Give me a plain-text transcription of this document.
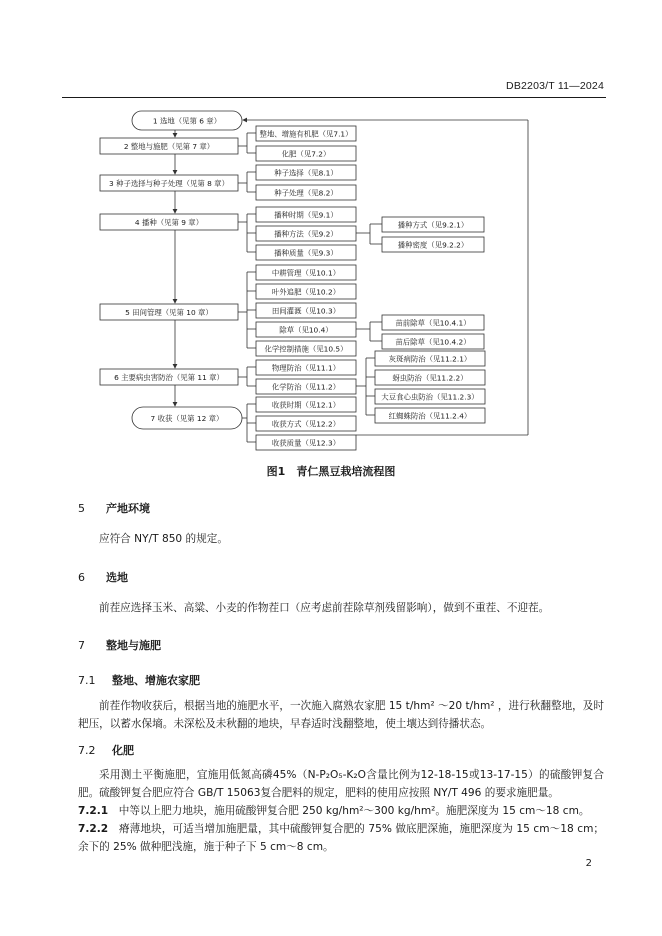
DB2203/T 11—2024
1 选地（见第 6 章）
2 整地与施肥（见第 7 章）
3 种子选择与种子处理（见第 8 章）
4 播种（见第 9 章）
5 田间管理（见第 10 章）
6 主要病虫害防治（见第 11 章）
7 收获（见第 12 章）
整地、增施有机肥（见7.1）
化肥（见7.2）
种子选择（见8.1）
种子处理（见8.2）
播种时期（见9.1）
播种方法（见9.2）
播种质量（见9.3）
中耕管理（见10.1）
叶外追肥（见10.2）
田间灌溉（见10.3）
除草（见10.4）
化学控制措施（见10.5）
物理防治（见11.1）
化学防治（见11.2）
收获时期（见12.1）
收获方式（见12.2）
收获质量（见12.3）
播种方式（见9.2.1）
播种密度（见9.2.2）
苗前除草（见10.4.1）
苗后除草（见10.4.2）
灰斑病防治（见11.2.1）
蚜虫防治（见11.2.2）
大豆食心虫防治（见11.2.3）
红蜘蛛防治（见11.2.4）
图1　青仁黑豆栽培流程图
5 产地环境
应符合 NY/T 850 的规定。
6 选地
前茬应选择玉米、高粱、小麦的作物茬口（应考虑前茬除草剂残留影响），做到不重茬、不迎茬。
7 整地与施肥
7.1 整地、增施农家肥
前茬作物收获后，根据当地的施肥水平，一次施入腐熟农家肥 15 t/hm² ～20 t/hm² ，进行秋翻整地，及时耙压，以蓄水保墒。未深松及未秋翻的地块，早春适时浅翻整地，使土壤达到待播状态。
7.2 化肥
采用测土平衡施肥，宜施用低氮高磷45%（N-P₂O₅-K₂O含量比例为12-18-15或13-17-15）的硫酸钾复合肥。硫酸钾复合肥应符合 GB/T 15063复合肥料的规定，肥料的使用应按照 NY/T 496 的要求施肥量。
7.2.1　 中等以上肥力地块，施用硫酸钾复合肥 250 kg/hm²～300 kg/hm²。施肥深度为 15 cm～18 cm。
7.2.2　 瘠薄地块，可适当增加施肥量，其中硫酸钾复合肥的 75% 做底肥深施，施肥深度为 15 cm～18 cm；余下的 25% 做种肥浅施，施于种子下 5 cm～8 cm。
2
